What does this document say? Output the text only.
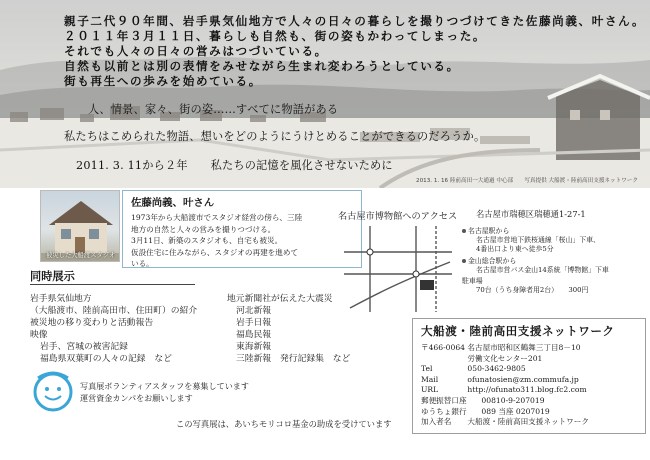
親子二代９０年間、岩手県気仙地方で人々の日々の暮らしを撮りつづけてきた佐藤尚義、叶さん。
２０１１年３月１１日、暮らしも自然も、街の姿もかわってしまった。
それでも人々の日々の営みはつづいている。
自然も以前とは別の表情をみせながら生まれ変わろうとしている。
街も再生への歩みを始めている。
人、情景、家々、街の姿……すべてに物語がある
私たちはこめられた物語、想いをどのようにうけとめることができるのだろうか。
2011. 3. 11から２年　　私たちの記憶を風化させないために
2013. 1. 16 陸前高田一大通過 中心部　　写真提供 大船渡・陸前高田支援ネットワーク
被災した大船渡スタジオ
佐藤尚義、叶さん
1973年から大船渡市でスタジオ経営の傍ら、三陸
地方の自然と人々の営みを撮りつづける。
3月11日、新築のスタジオも、自宅も被災。
仮設住宅に住みながら、スタジオの再建を進めて
いる。
名古屋市博物館へのアクセス 名古屋市瑞穂区瑞穂通1-27-1
名古屋駅から
名古屋市営地下鉄桜通線「桜山」下車、
4番出口より東へ徒歩5分
金山総合駅から
名古屋市営バス金山14系統「博物館」下車
駐車場
70台（うち身障者用2台）　　300円
同時展示
岩手県気仙地方
（大船渡市、陸前高田市、住田町）の紹介
被災地の移り変わりと活動報告
映像
岩手、宮城の被害記録
福島県双葉町の人々の記録　など
地元新聞社が伝えた大震災
河北新報
岩手日報
福島民報
東海新報
三陸新報　発行記録集　など
大船渡・陸前高田支援ネットワーク
〒466-0064 名古屋市昭和区鶴舞三丁目8－10
労働文化センター201
Tel	050-3462-9805
Mail	ofunatosien@zm.commufa.jp
URL	http://ofunato311.blog.fc2.com
郵便振替口座 00810-9-207019
ゆうちょ銀行 089 当座 0207019
加入者名 大船渡・陸前高田支援ネットワーク
写真展ボランティアスタッフを募集しています
運営資金カンパをお願いします
この写真展は、あいちモリコロ基金の助成を受けています
